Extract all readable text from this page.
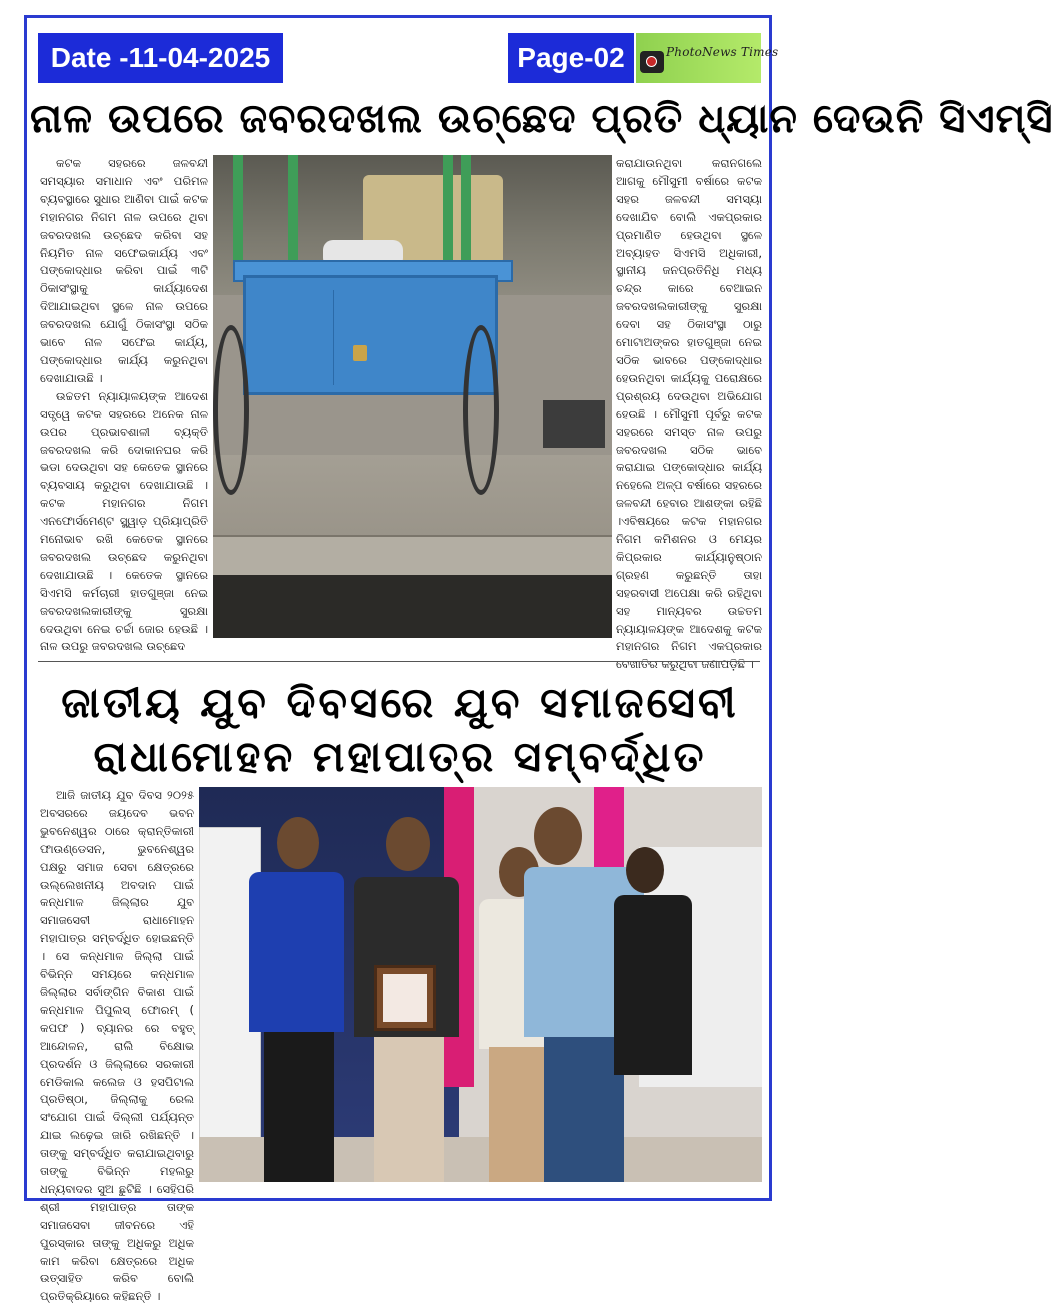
Date -11-04-2025	Page-02	PhotoNews Times
ନାଳ ଉପରେ ଜବରଦଖଲ ଉଚ୍ଛେଦ ପ୍ରତି ଧ୍ୟାନ ଦେଉନି ସିଏମ୍ସି

କଟକ ସହରରେ ଜଳବନ୍ଦୀ ସମସ୍ୟାର ସମାଧାନ ଏବଂ ପରିମଳ ବ୍ୟବସ୍ଥାରେ ସୁଧାର ଆଣିବା ପାଇଁ କଟକ ମହାନଗର ନିଗମ ନାଳ ଉପରେ ଥିବା ଜବରଦଖଲ ଉଚ୍ଛେଦ କରିବା ସହ ନିୟମିତ ନାଳ ସଫେଇକାର୍ଯ୍ୟ ଏବଂ ପଙ୍କୋଦ୍ଧାର କରିବା ପାଇଁ ୩ଟି ଠିକାସଂସ୍ଥାକୁ କାର୍ଯ୍ୟାଦେଶ ଦିଆଯାଇଥିବା ସ୍ଥଳେ ନାଳ ଉପରେ ଜବରଦଖଲ ଯୋଗୁଁ ଠିକାସଂସ୍ଥା ସଠିକ ଭାବେ ନାଳ ସଫେଇ କାର୍ଯ୍ୟ, ପଙ୍କୋଦ୍ଧାର କାର୍ଯ୍ୟ କରୁନଥିବା ଦେଖାଯାଉଛି ।

ଉଚ୍ଚତମ ନ୍ୟାୟାଳୟଙ୍କ ଆଦେଶ ସତ୍ତ୍ୱେ କଟକ ସହରରେ ଅନେକ ନାଳ ଉପର ପ୍ରଭାବଶାଳୀ ବ୍ୟକ୍ତି ଜବରଦଖଲ କରି ଦୋକାନଘର କରି ଭଡା ଦେଉଥିବା ସହ କେତେକ ସ୍ଥାନରେ ବ୍ୟବସାୟ କରୁଥିବା ଦେଖାଯାଉଛି । କଟକ ମହାନଗର ନିଗମ ଏନଫୋର୍ସମେଣ୍ଟ ସ୍କ୍ୱାଡ଼ ପ୍ରିୟାପ୍ରିତି ମନୋଭାବ ରଖି କେତେକ ସ୍ଥାନରେ ଜବରଦଖଲ ଉଚ୍ଛେଦ କରୁନଥିବା ଦେଖାଯାଉଛି । କେତେକ ସ୍ଥାନରେ ସିଏମସି କର୍ମଚାରୀ ହାତଗୁଞ୍ଜା ନେଇ ଜବରଦଖଲକାରୀଙ୍କୁ ସୁରକ୍ଷା ଦେଉଥିବା ନେଇ ଚର୍ଚ୍ଚା ଜୋର ହେଉଛି । ନାଳ ଉପରୁ ଜବରଦଖଲ ଉଚ୍ଛେଦ

କରାଯାଉନଥିବା କରାନଗଲେ ଆଗକୁ ମୌସୁମୀ ବର୍ଷାରେ କଟକ ସହର ଜଳବନ୍ଦୀ ସମସ୍ୟା ଦେଖାଯିବ ବୋଲି ଏକପ୍ରକାର ପ୍ରମାଣିତ ହେଉଥିବା ସ୍ଥଳେ ଅବ୍ୟାହତ ସିଏମସି ଅଧିକାରୀ, ସ୍ଥାନୀୟ ଜନପ୍ରତିନିଧି ମଧ୍ୟ ଚନ୍ଦ୍ର କାରେ ବେଆଇନ ଜବରଦଖଲକାରୀଙ୍କୁ ସୁରକ୍ଷା ଦେବା ସହ ଠିକାସଂସ୍ଥା ଠାରୁ ମୋଟାଅଙ୍କର ହାତଗୁଞ୍ଜା ନେଇ ସଠିକ ଭାବରେ ପଙ୍କୋଦ୍ଧାର ହେଉନଥିବା କାର୍ଯ୍ୟକୁ ପରୋକ୍ଷରେ ପ୍ରଶ୍ରୟ ଦେଉଥିବା ଅଭିଯୋଗ ହେଉଛି । ମୌସୁମୀ ପୂର୍ବରୁ କଟକ ସହରରେ ସମସ୍ତ ନାଳ ଉପରୁ ଜବରଦଖଲ ସଠିକ ଭାବେ କରାଯାଇ ପଙ୍କୋଦ୍ଧାର କାର୍ଯ୍ୟ ନହେଲେ ଅଳ୍ପ ବର୍ଷାରେ ସହରରେ ଜଳବନ୍ଦୀ ହେବାର ଆଶଙ୍କା ରହିଛି ।ଏବିଷୟରେ କଟକ ମହାନଗର ନିଗମ କମିଶନର ଓ ମେୟର କିପ୍ରକାର କାର୍ଯ୍ୟାନୁଷ୍ଠାନ ଗ୍ରହଣ କରୁଛନ୍ତି ତାହା ସହରବାସୀ ଅପେକ୍ଷା କରି ରହିଥିବା ସହ ମାନ୍ୟବର ଉଚ୍ଚତମ ନ୍ୟାୟାଳୟଙ୍କ ଆଦେଶକୁ କଟକ ମହାନଗର ନିଗମ ଏକପ୍ରକାର ବେଖାତିର କରୁଥିବା ଜଣାପଡ଼ିଛି ।

ଜାତୀୟ ଯୁବ ଦିବସରେ ଯୁବ ସମାଜସେବୀ
ରାଧାମୋହନ ମହାପାତ୍ର ସମ୍ବର୍ଦ୍ଧିତ

ଆଜି ଜାତୀୟ ଯୁବ ଦିବସ ୨୦୨୫ ଅବସରରେ ଜୟଦେବ ଭବନ ଭୁବନେଶ୍ୱର ଠାରେ କ୍ରାନ୍ତିକାରୀ ଫାଉଣ୍ଡେସନ, ଭୁବନେଶ୍ୱର ପକ୍ଷରୁ ସମାଜ ସେବା କ୍ଷେତ୍ରରେ ଉଲ୍ଲେଖନୀୟ ଅବଦାନ ପାଇଁ କନ୍ଧମାଳ ଜିଲ୍ଲାର ଯୁବ ସମାଜସେବୀ ରାଧାମୋହନ ମହାପାତ୍ର ସମ୍ବର୍ଦ୍ଧିତ ହୋଇଛନ୍ତି । ସେ କନ୍ଧମାଳ ଜିଲ୍ଲା ପାଇଁ ବିଭିନ୍ନ ସମୟରେ କନ୍ଧମାଳ ଜିଲ୍ଲାର ସର୍ବାଙ୍ଗିନ ବିକାଶ ପାଇଁ କନ୍ଧମାଳ ପିପୁଲସ୍ ଫୋରମ୍ ( କପଫ ) ବ୍ୟାନର ରେ ବହୁତ୍ ଆନ୍ଦୋଳନ, ରାଲି ବିକ୍ଷୋଭ ପ୍ରଦର୍ଶନ ଓ ଜିଲ୍ଲାରେ ସରକାରୀ ମେଡିକାଲ କଲେଜ ଓ ହସପିଟାଲ ପ୍ରତିଷ୍ଠା, ଜିଲ୍ଲାକୁ ରେଲ ସଂଯୋଗ ପାଇଁ ଦିଲ୍ଲୀ ପର୍ଯ୍ୟନ୍ତ ଯାଇ ଲଢ଼େଇ ଜାରି ରଖିଛନ୍ତି । ତାଙ୍କୁ ସମ୍ବର୍ଦ୍ଧିତ କରାଯାଇଥିବାରୁ ତାଙ୍କୁ ବିଭିନ୍ନ ମହଲରୁ ଧନ୍ୟବାଦର ସୁଅ ଛୁଟିଛି । ସେହିପରି ଶ୍ରୀ ମହାପାତ୍ର ତାଙ୍କ ସମାଜସେବା ଜୀବନରେ ଏହି ପୁରସ୍କାର ତାଙ୍କୁ ଅଧିକରୁ ଅଧିକ କାମ କରିବା କ୍ଷେତ୍ରରେ ଅଧିକ ଉତ୍ସାହିତ କରିବ ବୋଲି ପ୍ରତିକ୍ରିୟାରେ କହିଛନ୍ତି ।
